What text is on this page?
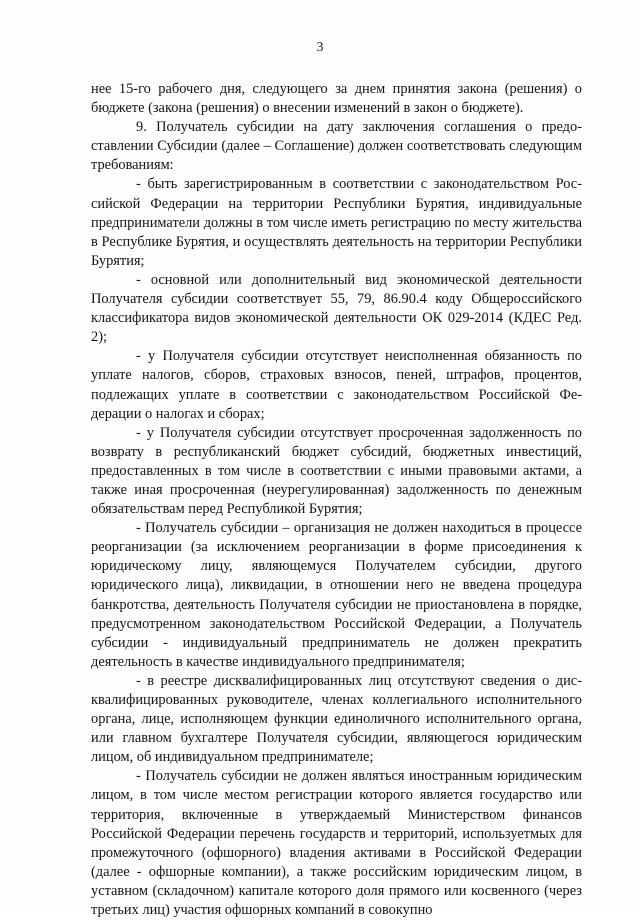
3

нее 15-го рабочего дня, следующего за днем принятия закона (решения) о бюджете (закона (решения) о внесении изменений в закон о бюджете).

9. Получатель субсидии на дату заключения соглашения о предоставлении Субсидии (далее – Соглашение) должен соответствовать следующим требованиям:

- быть зарегистрированным в соответствии с законодательством Российской Федерации на территории Республики Бурятия, индивидуальные предприниматели должны в том числе иметь регистрацию по месту жительства в Республике Бурятия, и осуществлять деятельность на территории Республики Бурятия;

- основной или дополнительный вид экономической деятельности Получателя субсидии соответствует 55, 79, 86.90.4 коду Общероссийского классификатора видов экономической деятельности ОК 029-2014 (КДЕС Ред. 2);

- у Получателя субсидии отсутствует неисполненная обязанность по уплате налогов, сборов, страховых взносов, пеней, штрафов, процентов, подлежащих уплате в соответствии с законодательством Российской Федерации о налогах и сборах;

- у Получателя субсидии отсутствует просроченная задолженность по возврату в республиканский бюджет субсидий, бюджетных инвестиций, предоставленных в том числе в соответствии с иными правовыми актами, а также иная просроченная (неурегулированная) задолженность по денежным обязательствам перед Республикой Бурятия;

- Получатель субсидии – организация не должен находиться в процессе реорганизации (за исключением реорганизации в форме присоединения к юридическому лицу, являющемуся Получателем субсидии, другого юридического лица), ликвидации, в отношении него не введена процедура банкротства, деятельность Получателя субсидии не приостановлена в порядке, предусмотренном законодательством Российской Федерации, а Получатель субсидии - индивидуальный предприниматель не должен прекратить деятельность в качестве индивидуального предпринимателя;

- в реестре дисквалифицированных лиц отсутствуют сведения о дисквалифицированных руководителе, членах коллегиального исполнительного органа, лице, исполняющем функции единоличного исполнительного органа, или главном бухгалтере Получателя субсидии, являющегося юридическим лицом, об индивидуальном предпринимателе;

- Получатель субсидии не должен являться иностранным юридическим лицом, в том числе местом регистрации которого является государство или территория, включенные в утверждаемый Министерством финансов Российской Федерации перечень государств и территорий, используетмых для промежуточного (офшорного) владения активами в Российской Федерации (далее - офшорные компании), а также российским юридическим лицом, в уставном (складочном) капитале которого доля прямого или косвенного (через третьих лиц) участия офшорных компаний в совокупно
